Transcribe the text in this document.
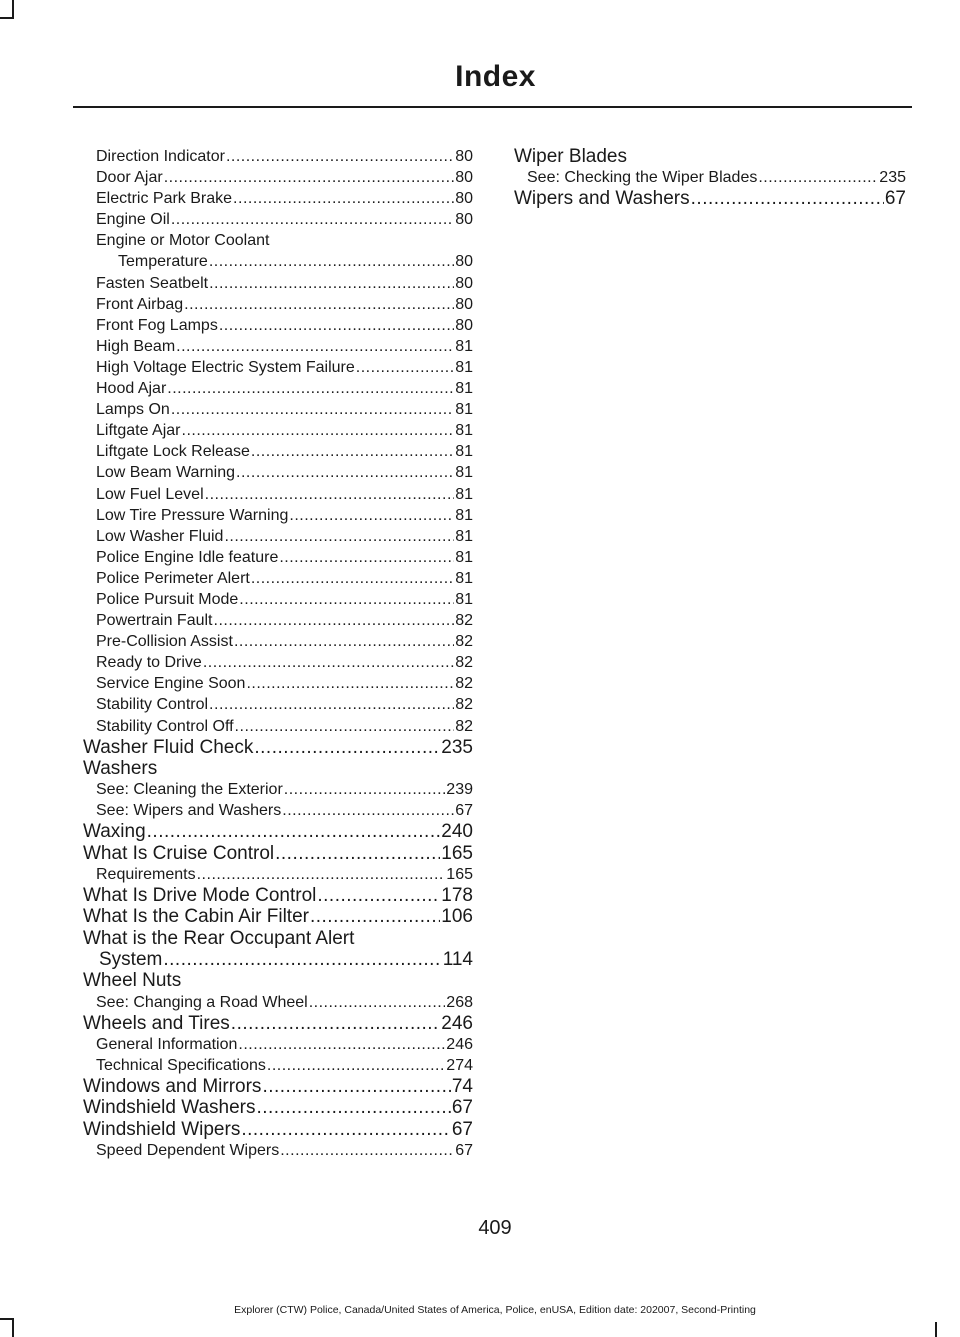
Index
Direction Indicator .....	80
Door Ajar .....	80
Electric Park Brake .....	80
Engine Oil .....	80
Engine or Motor Coolant
Temperature .....	80
Fasten Seatbelt .....	80
Front Airbag .....	80
Front Fog Lamps .....	80
High Beam .....	81
High Voltage Electric System Failure .....	81
Hood Ajar .....	81
Lamps On .....	81
Liftgate Ajar .....	81
Liftgate Lock Release .....	81
Low Beam Warning .....	81
Low Fuel Level .....	81
Low Tire Pressure Warning .....	81
Low Washer Fluid .....	81
Police Engine Idle feature .....	81
Police Perimeter Alert .....	81
Police Pursuit Mode .....	81
Powertrain Fault .....	82
Pre-Collision Assist .....	82
Ready to Drive .....	82
Service Engine Soon .....	82
Stability Control .....	82
Stability Control Off .....	82
Washer Fluid Check .....	235
Washers
See: Cleaning the Exterior .....	239
See: Wipers and Washers .....	67
Waxing .....	240
What Is Cruise Control .....	165
Requirements .....	165
What Is Drive Mode Control .....	178
What Is the Cabin Air Filter .....	106
What is the Rear Occupant Alert
System .....	114
Wheel Nuts
See: Changing a Road Wheel .....	268
Wheels and Tires .....	246
General Information .....	246
Technical Specifications .....	274
Windows and Mirrors .....	74
Windshield Washers .....	67
Windshield Wipers .....	67
Speed Dependent Wipers .....	67
Wiper Blades
See: Checking the Wiper Blades .....	235
Wipers and Washers .....	67
409
Explorer (CTW) Police, Canada/United States of America, Police, enUSA, Edition date: 202007, Second-Printing
